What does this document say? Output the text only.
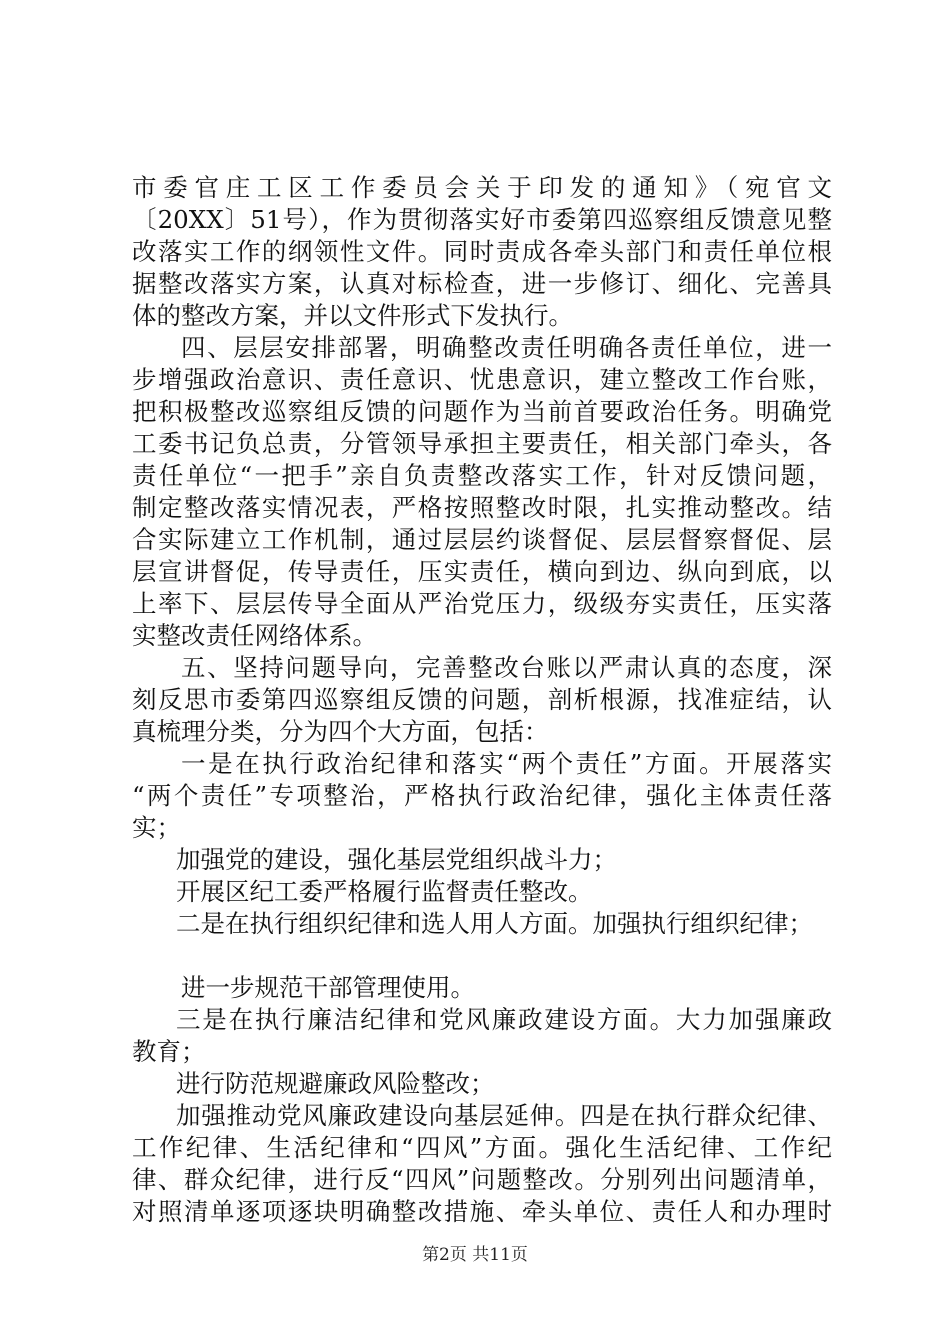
市委官庄工区工作委员会关于印发的通知》（宛官文
〔20XX〕51号），作为贯彻落实好市委第四巡察组反馈意见整
改落实工作的纲领性文件。同时责成各牵头部门和责任单位根
据整改落实方案，认真对标检查，进一步修订、细化、完善具
体的整改方案，并以文件形式下发执行。
四、层层安排部署，明确整改责任明确各责任单位，进一
步增强政治意识、责任意识、忧患意识，建立整改工作台账，
把积极整改巡察组反馈的问题作为当前首要政治任务。明确党
工委书记负总责，分管领导承担主要责任，相关部门牵头，各
责任单位“一把手”亲自负责整改落实工作，针对反馈问题，
制定整改落实情况表，严格按照整改时限，扎实推动整改。结
合实际建立工作机制，通过层层约谈督促、层层督察督促、层
层宣讲督促，传导责任，压实责任，横向到边、纵向到底，以
上率下、层层传导全面从严治党压力，级级夯实责任，压实落
实整改责任网络体系。
五、坚持问题导向，完善整改台账以严肃认真的态度，深
刻反思市委第四巡察组反馈的问题，剖析根源，找准症结，认
真梳理分类，分为四个大方面，包括：
一是在执行政治纪律和落实“两个责任”方面。开展落实
“两个责任”专项整治，严格执行政治纪律，强化主体责任落
实；
加强党的建设，强化基层党组织战斗力；
开展区纪工委严格履行监督责任整改。
二是在执行组织纪律和选人用人方面。加强执行组织纪律；
进一步规范干部管理使用。
三是在执行廉洁纪律和党风廉政建设方面。大力加强廉政
教育；
进行防范规避廉政风险整改；
加强推动党风廉政建设向基层延伸。四是在执行群众纪律、
工作纪律、生活纪律和“四风”方面。强化生活纪律、工作纪
律、群众纪律，进行反“四风”问题整改。分别列出问题清单，
对照清单逐项逐块明确整改措施、牵头单位、责任人和办理时
第2页 共11页
